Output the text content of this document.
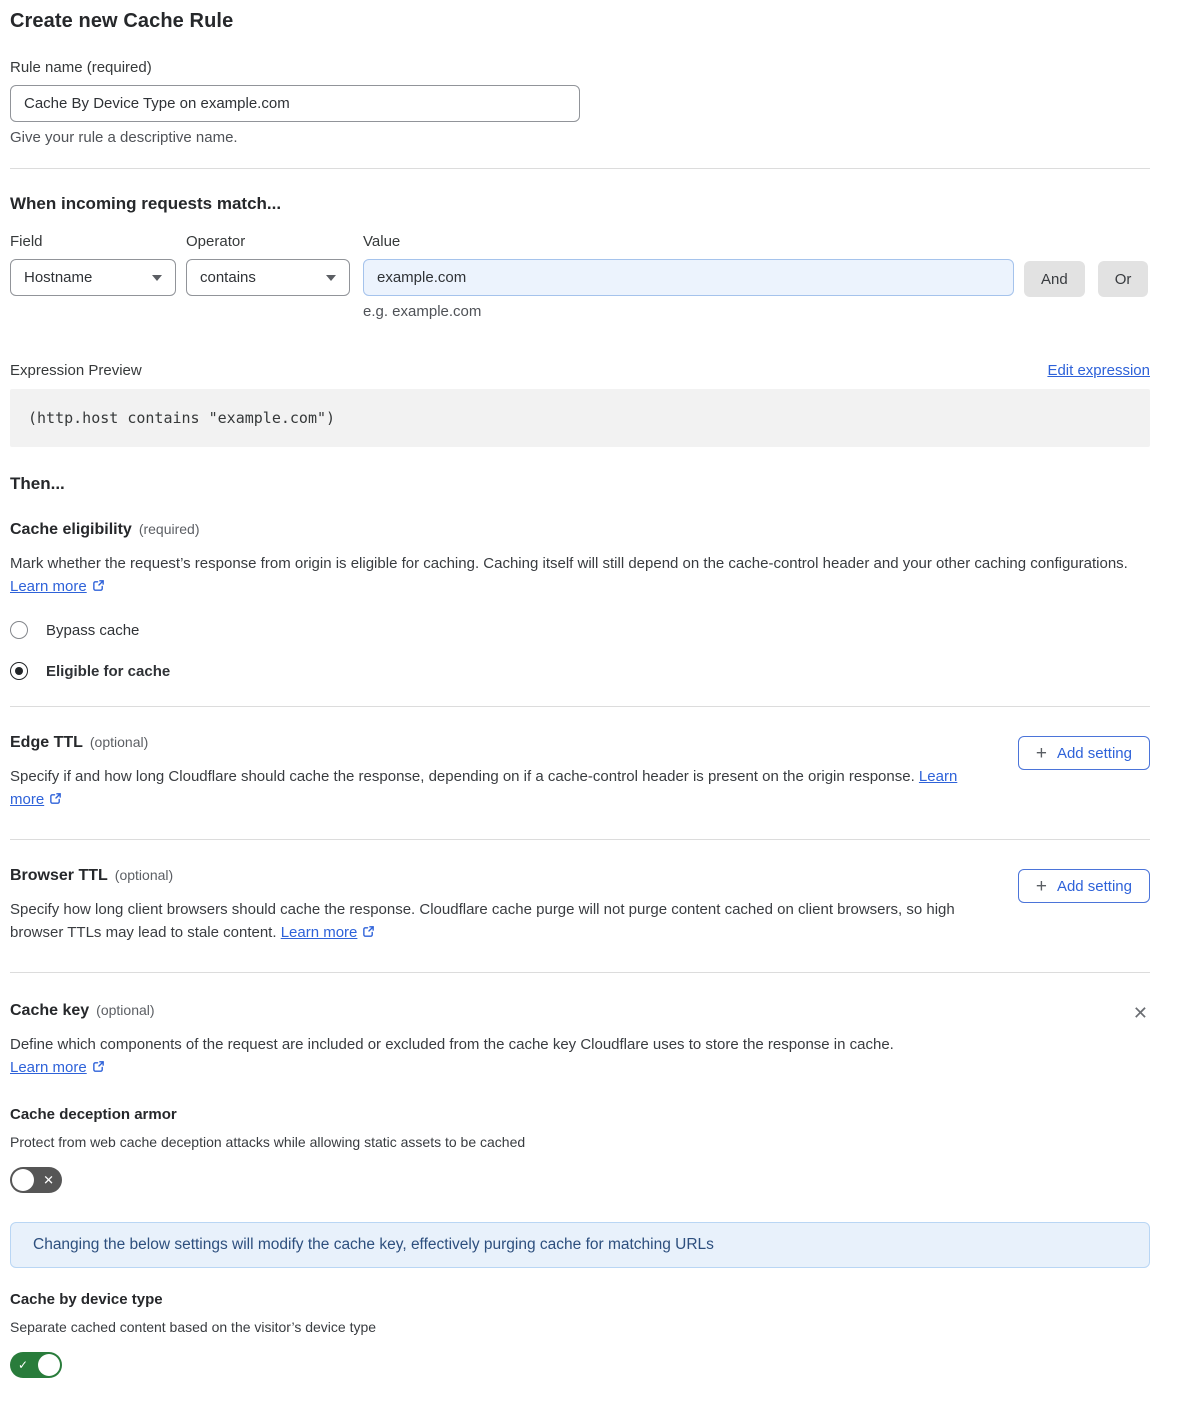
Create new Cache Rule
Rule name (required)
Cache By Device Type on example.com
Give your rule a descriptive name.
When incoming requests match...
Field
Hostname
Operator
contains
Value
example.com
e.g. example.com
And	Or
Expression Preview	Edit expression
(http.host contains "example.com")
Then...
Cache eligibility (required)

Mark whether the request’s response from origin is eligible for caching. Caching itself will still depend on the cache-control header and your other caching configurations. Learn more

Bypass cache
Eligible for cache
Edge TTL (optional)

Specify if and how long Cloudflare should cache the response, depending on if a cache-control header is present on the origin response. Learn more

+ Add setting
Browser TTL (optional)

Specify how long client browsers should cache the response. Cloudflare cache purge will not purge content cached on client browsers, so high browser TTLs may lead to stale content. Learn more

+ Add setting
Cache key (optional)

Define which components of the request are included or excluded from the cache key Cloudflare uses to store the response in cache.
Learn more

✕
Cache deception armor
Protect from web cache deception attacks while allowing static assets to be cached
✕
Changing the below settings will modify the cache key, effectively purging cache for matching URLs
Cache by device type
Separate cached content based on the visitor’s device type
✓
